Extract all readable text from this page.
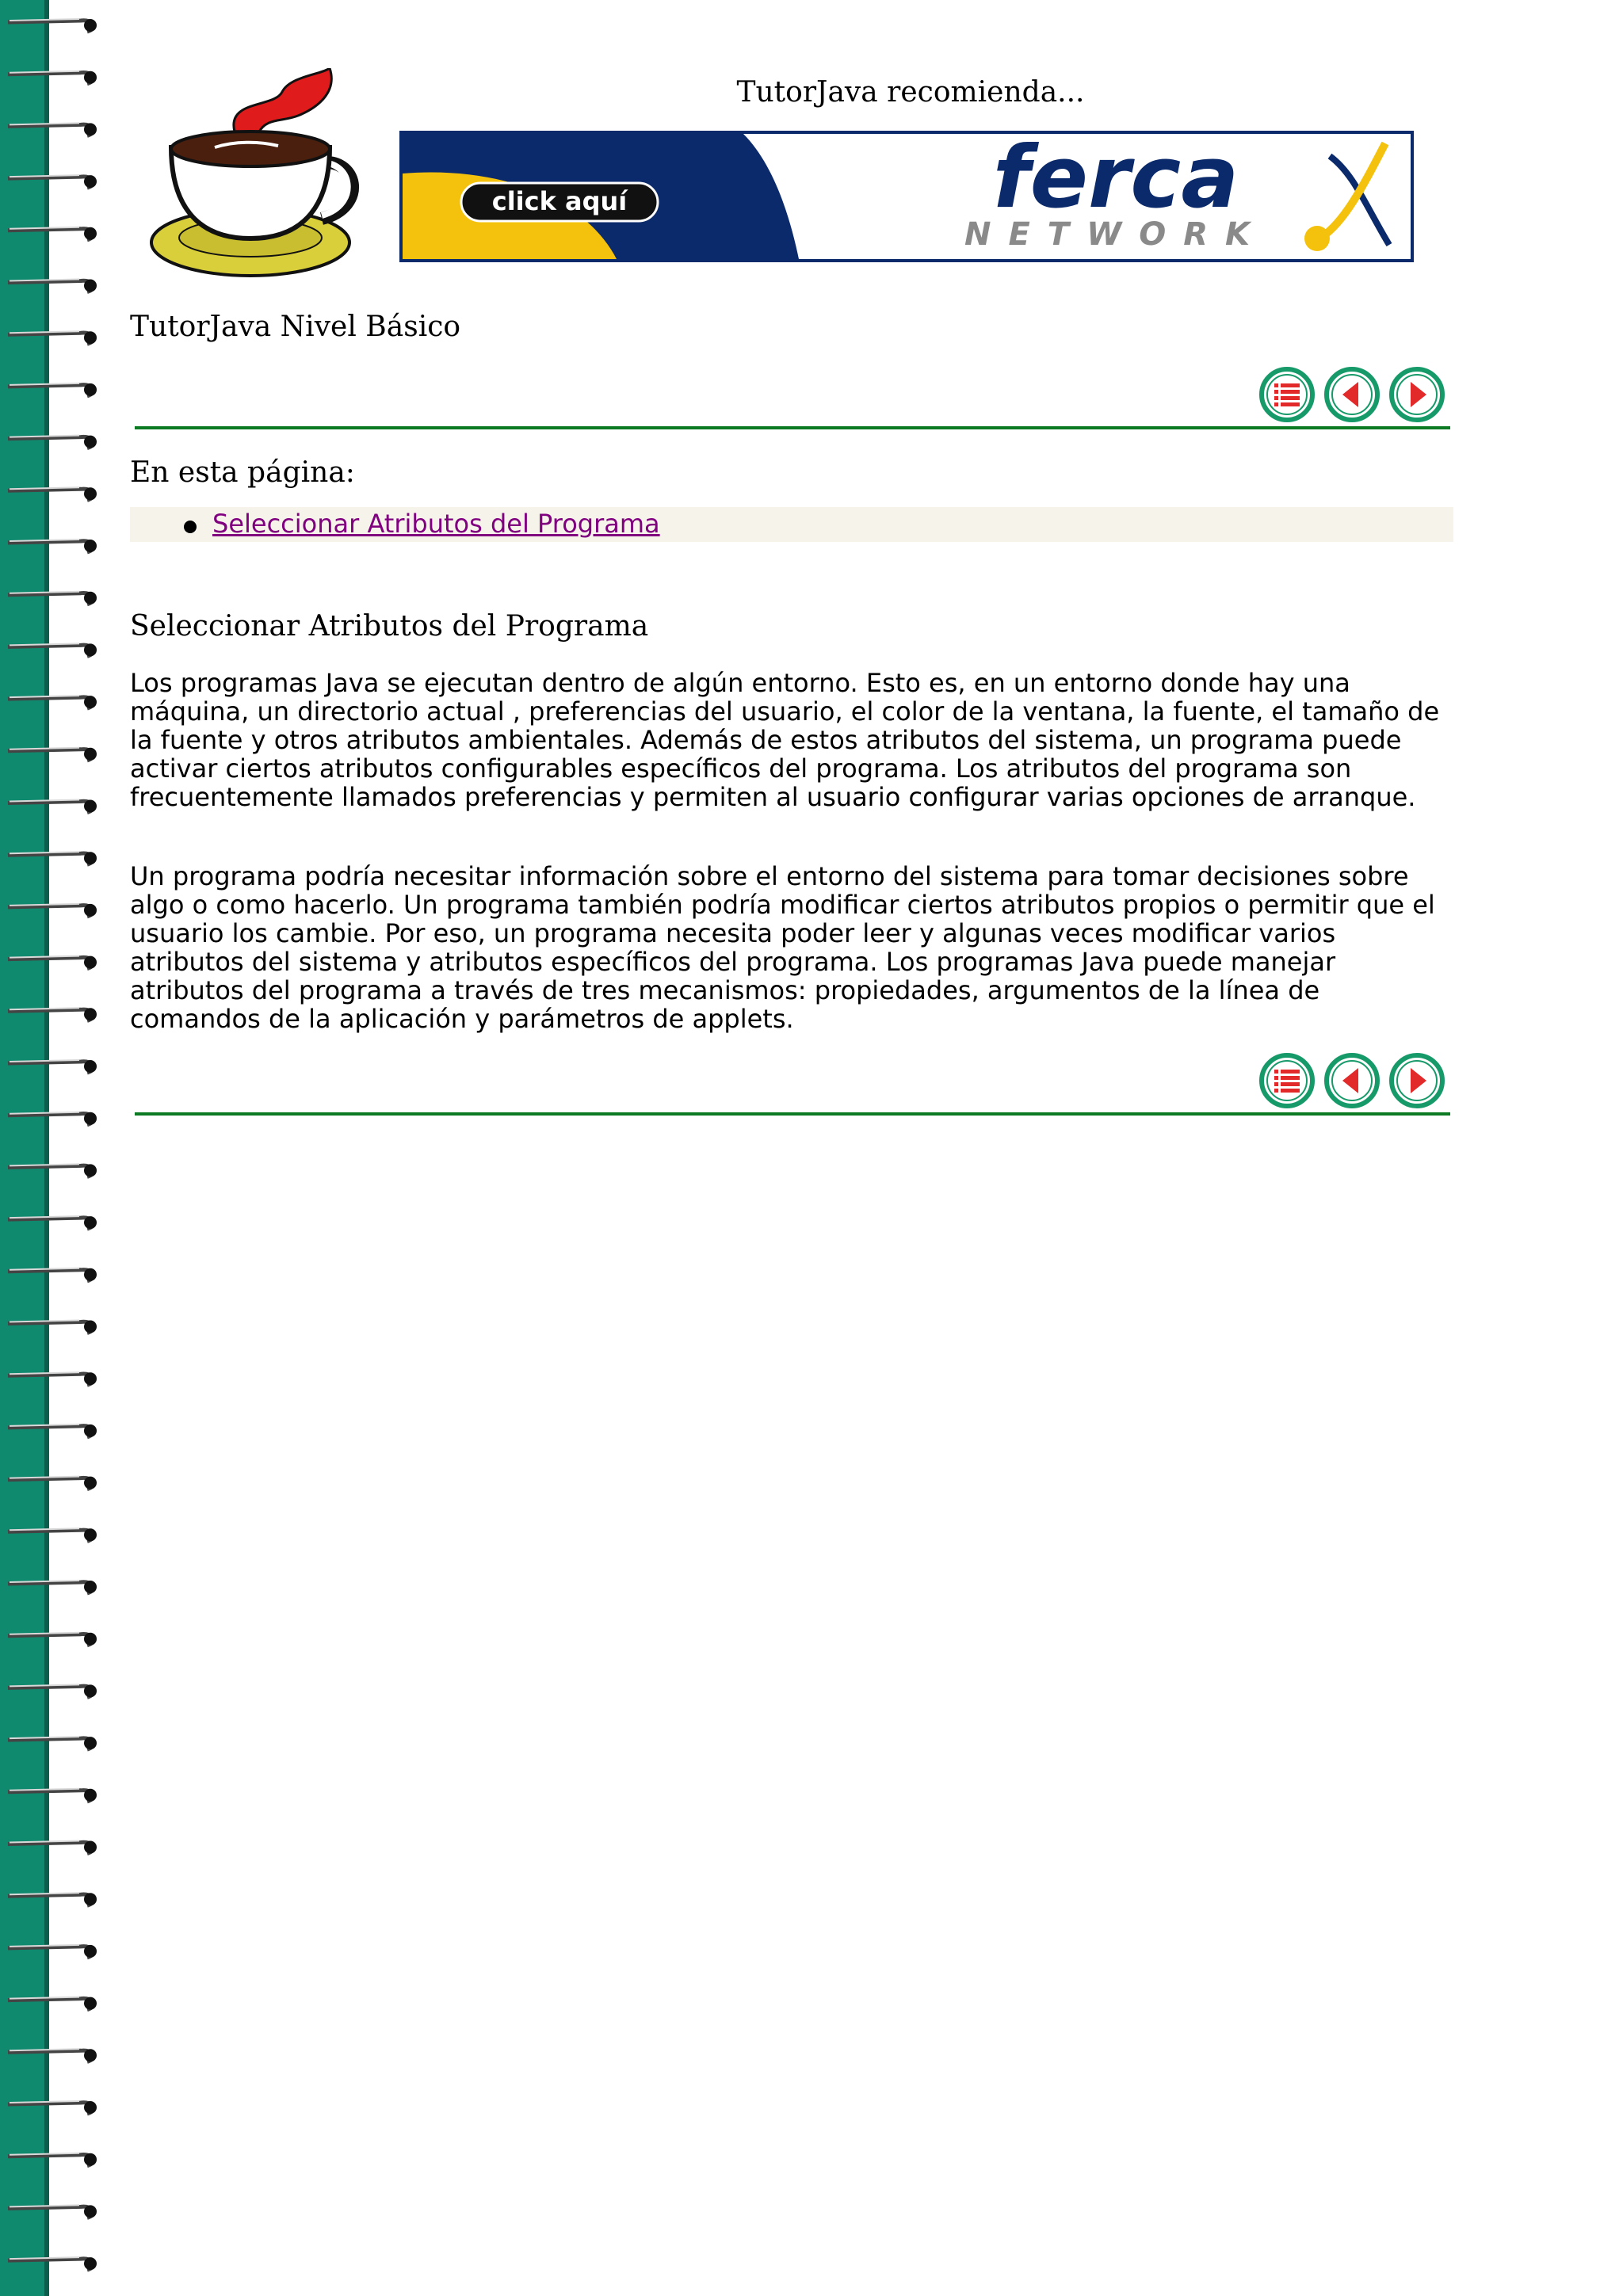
TutorJava recomienda...
click aquí	ferca
NETWORK
TutorJava Nivel Básico
En esta página:
Seleccionar Atributos del Programa
Seleccionar Atributos del Programa

Los programas Java se ejecutan dentro de algún entorno. Esto es, en un entorno donde hay una máquina, un directorio actual , preferencias del usuario, el color de la ventana, la fuente, el tamaño de la fuente y otros atributos ambientales. Además de estos atributos del sistema, un programa puede activar ciertos atributos configurables específicos del programa. Los atributos del programa son frecuentemente llamados preferencias y permiten al usuario configurar varias opciones de arranque.

Un programa podría necesitar información sobre el entorno del sistema para tomar decisiones sobre algo o como hacerlo. Un programa también podría modificar ciertos atributos propios o permitir que el usuario los cambie. Por eso, un programa necesita poder leer y algunas veces modificar varios atributos del sistema y atributos específicos del programa. Los programas Java puede manejar atributos del programa a través de tres mecanismos: propiedades, argumentos de la línea de comandos de la aplicación y parámetros de applets.
